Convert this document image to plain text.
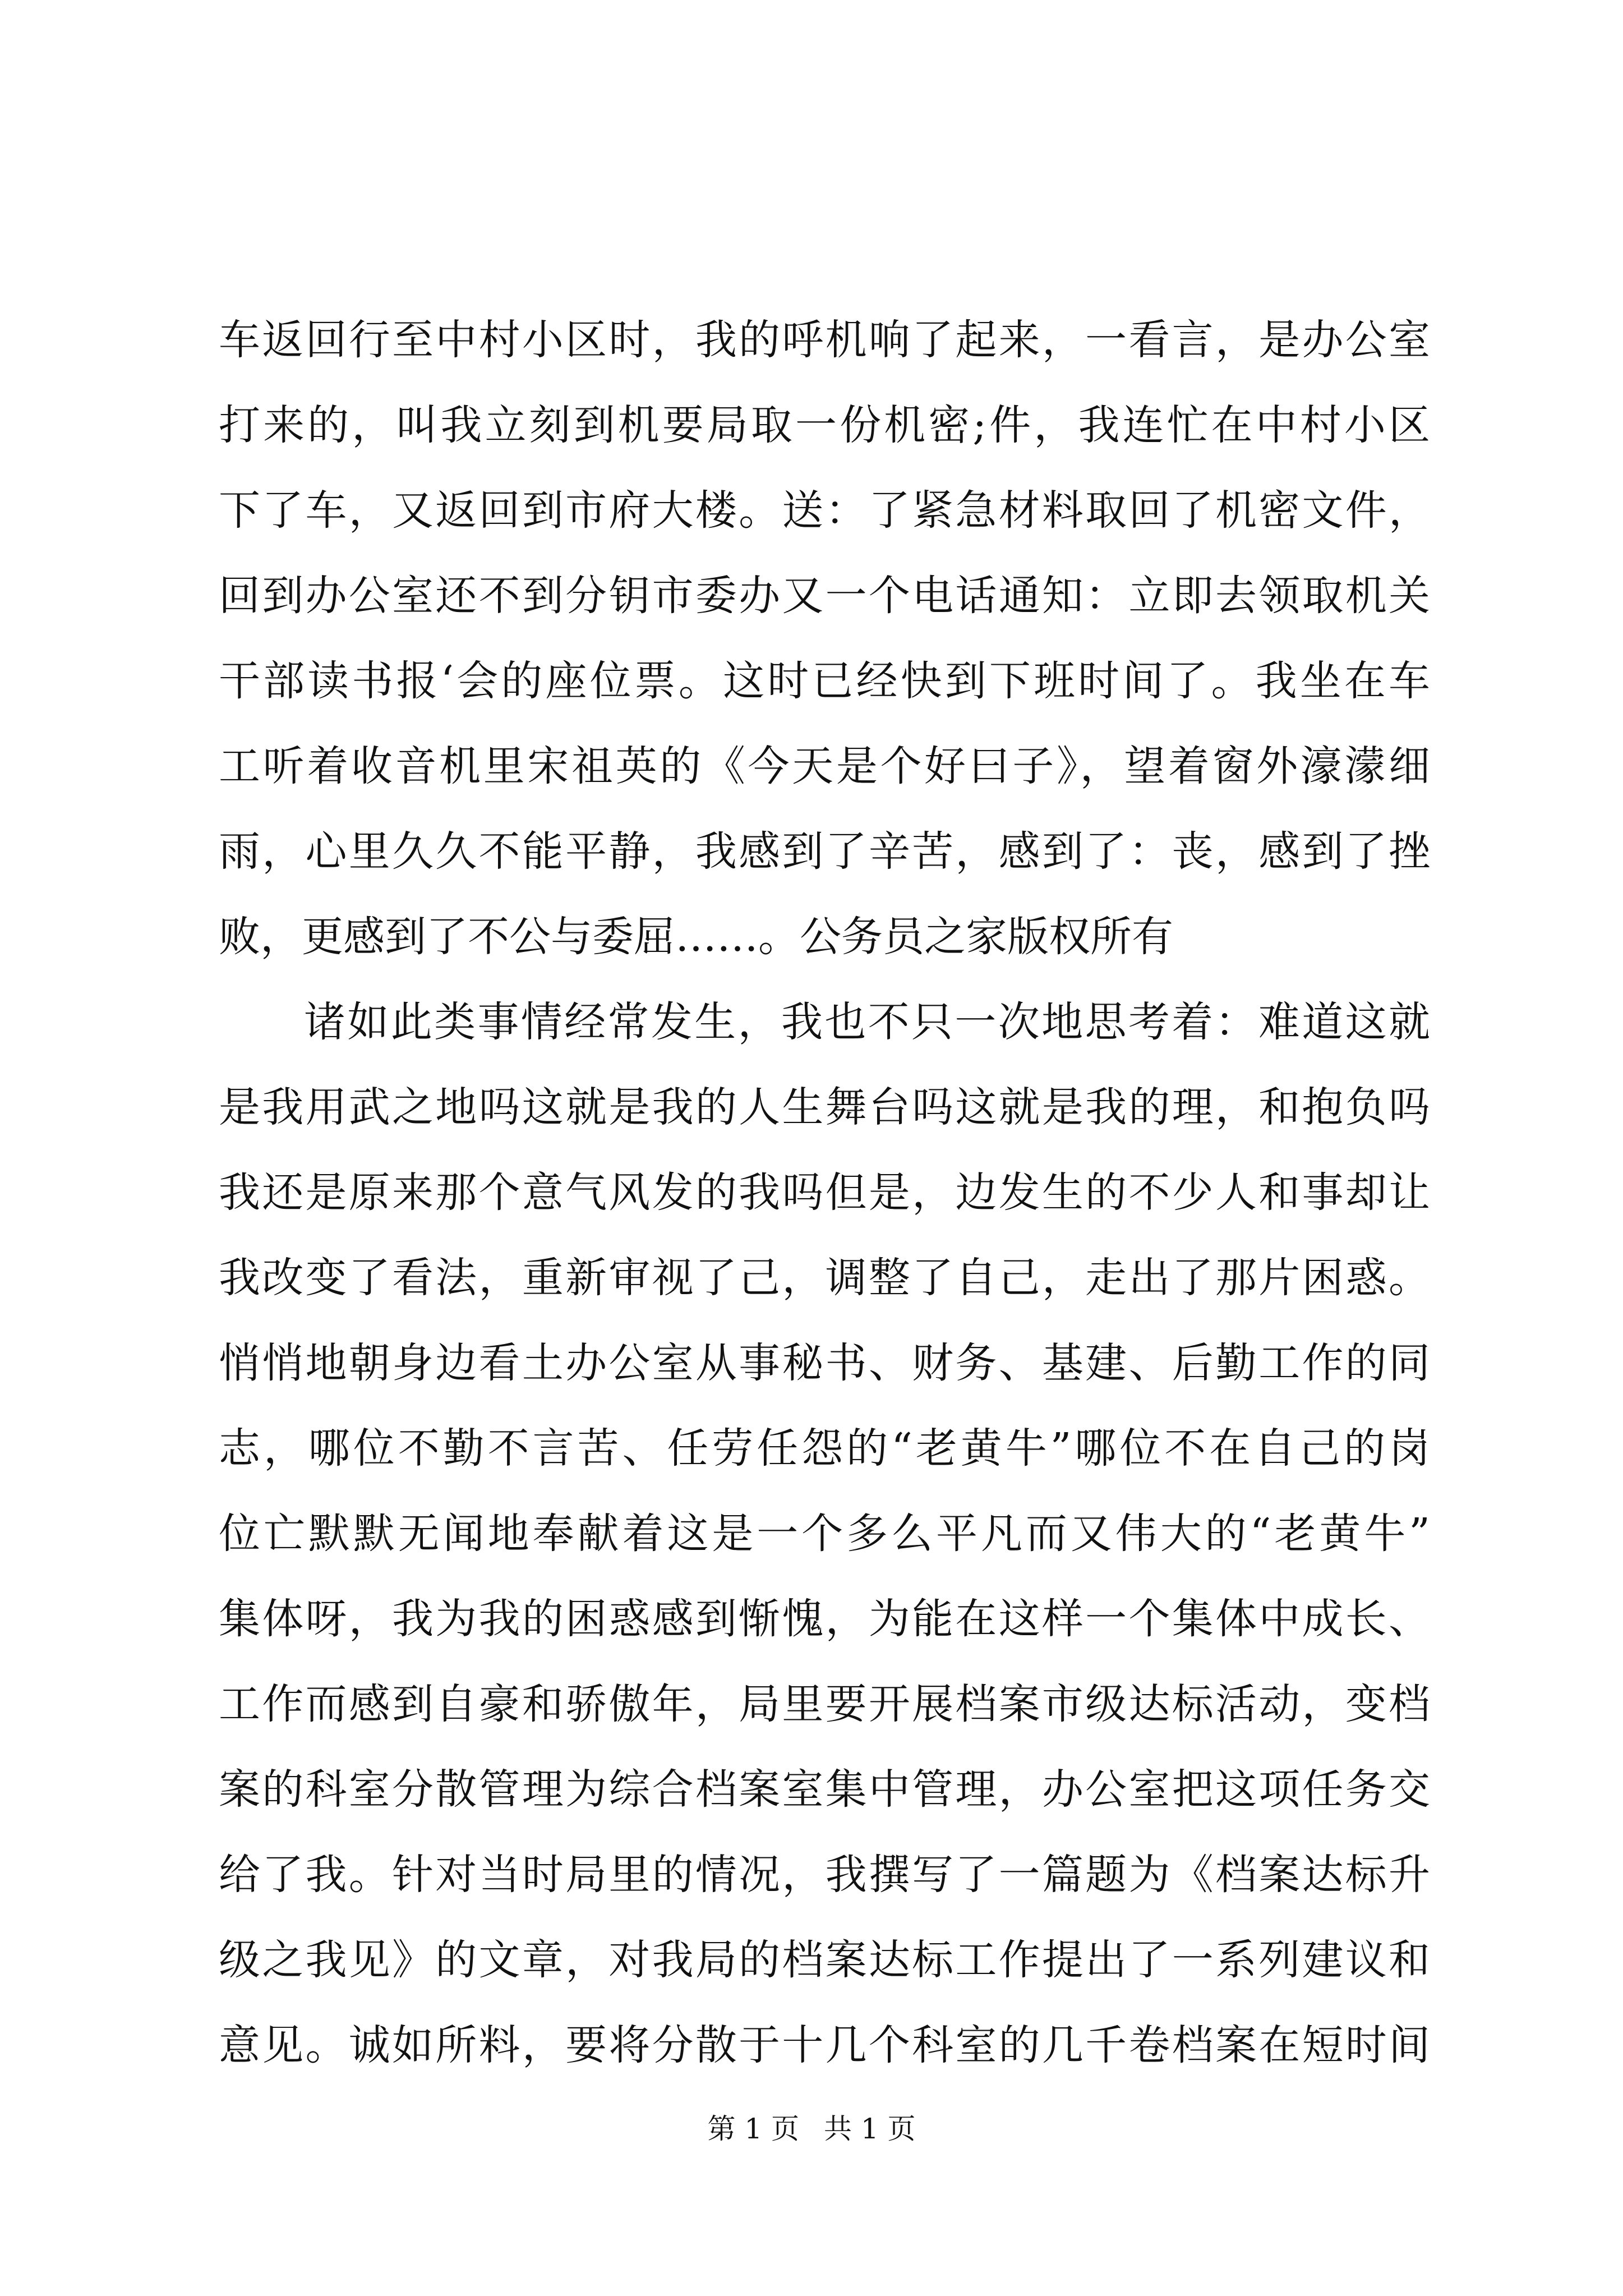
车返回行至中村小区时，我的呼机响了起来，一看言，是办公室
打来的，叫我立刻到机要局取一份机密;件，我连忙在中村小区
下了车，又返回到市府大楼。送：了紧急材料取回了机密文件，
回到办公室还不到分钥市委办又一个电话通知：立即去领取机关
干部读书报‘会的座位票。这时已经快到下班时间了。我坐在车
工听着收音机里宋祖英的《今天是个好曰子》，望着窗外濠濛细
雨，心里久久不能平静，我感到了辛苦，感到了：丧，感到了挫
败，更感到了不公与委屈……。公务员之家版权所有
诸如此类事情经常发生，我也不只一次地思考着：难道这就
是我用武之地吗这就是我的人生舞台吗这就是我的理，和抱负吗
我还是原来那个意气风发的我吗但是，边发生的不少人和事却让
我改变了看法，重新审视了己，调整了自己，走出了那片困惑。
悄悄地朝身边看土办公室从事秘书、财务、基建、后勤工作的同
志，哪位不勤不言苦、任劳任怨的“老黄牛”哪位不在自己的岗
位亡默默无闻地奉献着这是一个多么平凡而又伟大的“老黄牛”
集体呀，我为我的困惑感到惭愧，为能在这样一个集体中成长、
工作而感到自豪和骄傲年，局里要开展档案市级达标活动，变档
案的科室分散管理为综合档案室集中管理，办公室把这项任务交
给了我。针对当时局里的情况，我撰写了一篇题为《档案达标升
级之我见》的文章，对我局的档案达标工作提出了一系列建议和
意见。诚如所料，要将分散于十几个科室的几千卷档案在短时间
第 1 页 共 1 页
